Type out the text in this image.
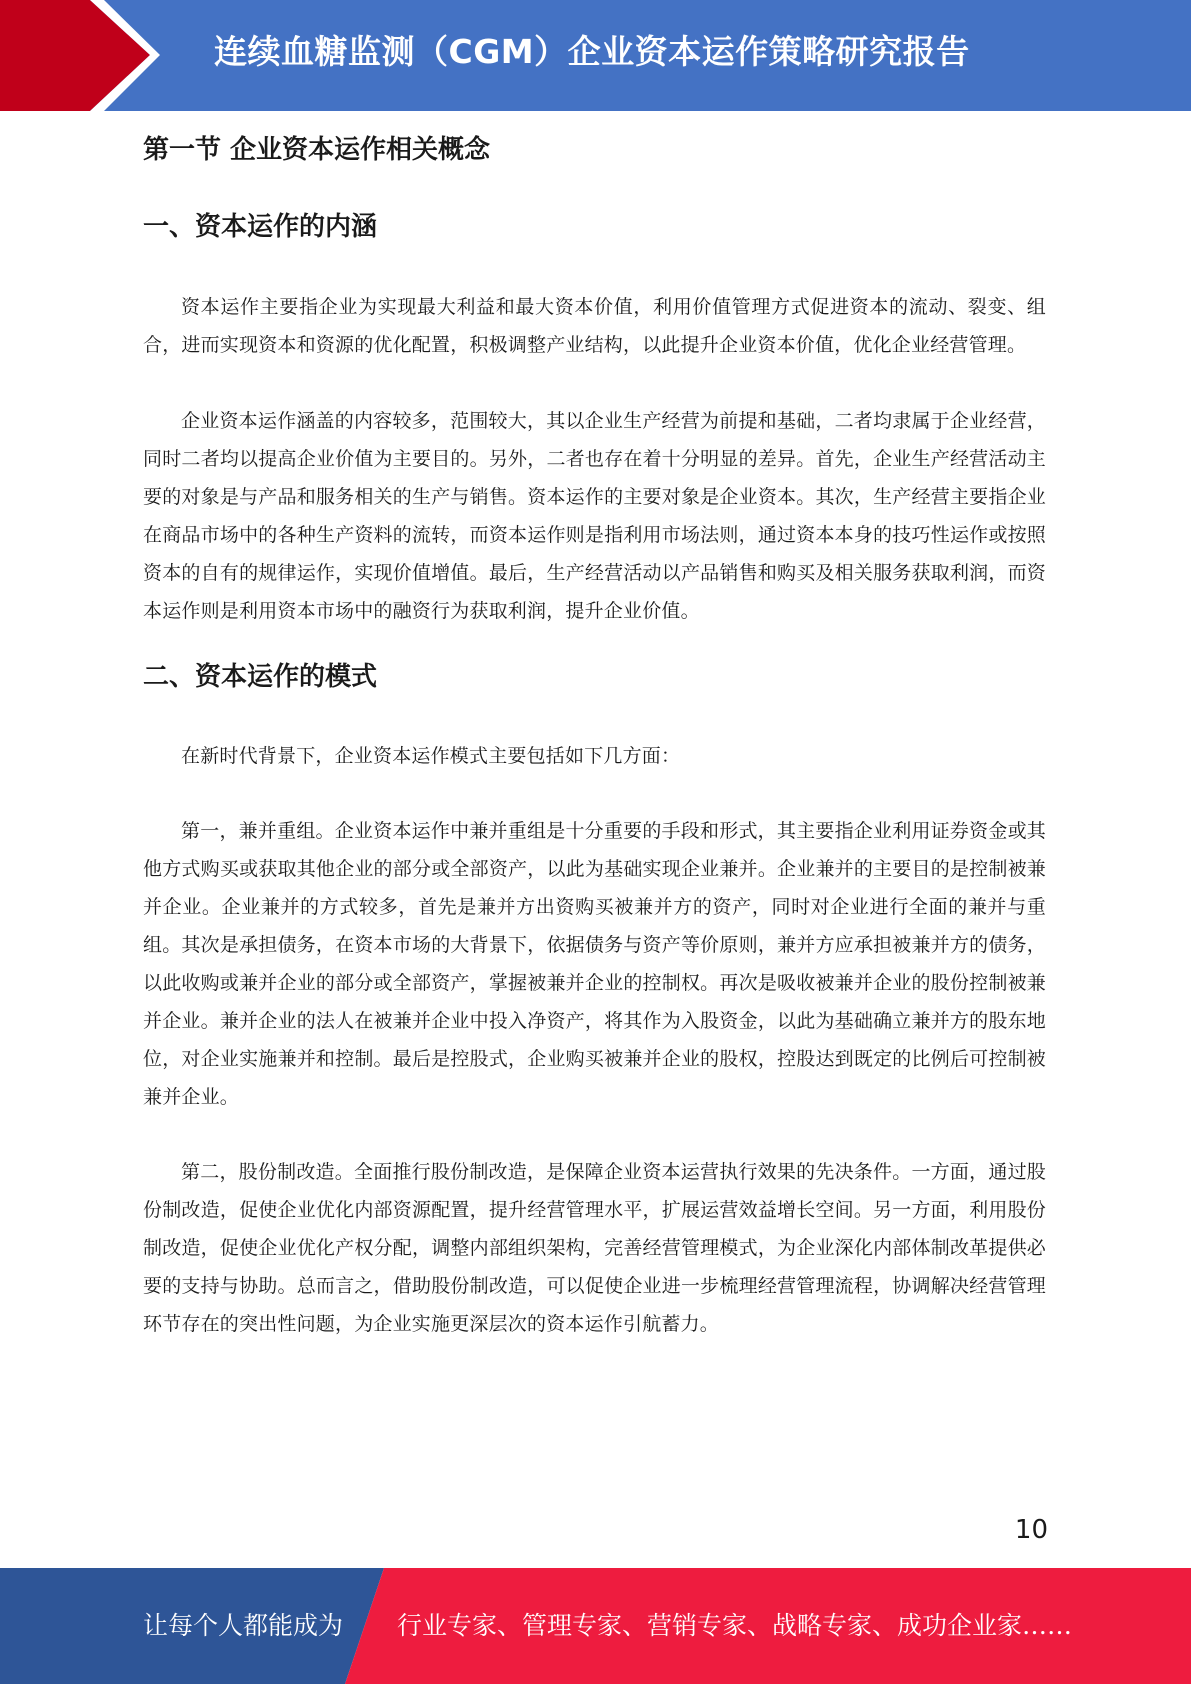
连续血糖监测（CGM）企业资本运作策略研究报告
第一节 企业资本运作相关概念
一、资本运作的内涵

资本运作主要指企业为实现最大利益和最大资本价值，利用价值管理方式促进资本的流动、裂变、组合，进而实现资本和资源的优化配置，积极调整产业结构，以此提升企业资本价值，优化企业经营管理。

企业资本运作涵盖的内容较多，范围较大，其以企业生产经营为前提和基础，二者均隶属于企业经营，同时二者均以提高企业价值为主要目的。另外，二者也存在着十分明显的差异。首先，企业生产经营活动主要的对象是与产品和服务相关的生产与销售。资本运作的主要对象是企业资本。其次，生产经营主要指企业在商品市场中的各种生产资料的流转，而资本运作则是指利用市场法则，通过资本本身的技巧性运作或按照资本的自有的规律运作，实现价值增值。最后，生产经营活动以产品销售和购买及相关服务获取利润，而资本运作则是利用资本市场中的融资行为获取利润，提升企业价值。

二、资本运作的模式

在新时代背景下，企业资本运作模式主要包括如下几方面：

第一，兼并重组。企业资本运作中兼并重组是十分重要的手段和形式，其主要指企业利用证券资金或其他方式购买或获取其他企业的部分或全部资产，以此为基础实现企业兼并。企业兼并的主要目的是控制被兼并企业。企业兼并的方式较多，首先是兼并方出资购买被兼并方的资产，同时对企业进行全面的兼并与重组。其次是承担债务，在资本市场的大背景下，依据债务与资产等价原则，兼并方应承担被兼并方的债务，以此收购或兼并企业的部分或全部资产，掌握被兼并企业的控制权。再次是吸收被兼并企业的股份控制被兼并企业。兼并企业的法人在被兼并企业中投入净资产，将其作为入股资金，以此为基础确立兼并方的股东地位，对企业实施兼并和控制。最后是控股式，企业购买被兼并企业的股权，控股达到既定的比例后可控制被兼并企业。

第二，股份制改造。全面推行股份制改造，是保障企业资本运营执行效果的先决条件。一方面，通过股份制改造，促使企业优化内部资源配置，提升经营管理水平，扩展运营效益增长空间。另一方面，利用股份制改造，促使企业优化产权分配，调整内部组织架构，完善经营管理模式，为企业深化内部体制改革提供必要的支持与协助。总而言之，借助股份制改造，可以促使企业进一步梳理经营管理流程，协调解决经营管理环节存在的突出性问题，为企业实施更深层次的资本运作引航蓄力。

10
让每个人都能成为 行业专家、管理专家、营销专家、战略专家、成功企业家……
